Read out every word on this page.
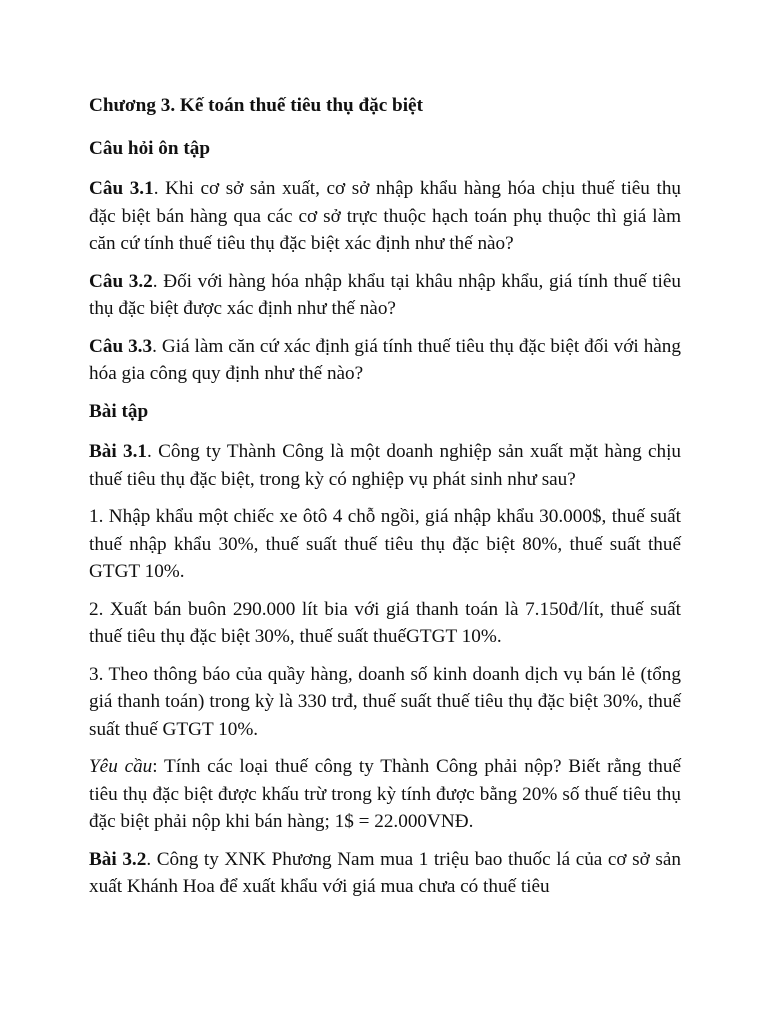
Chương 3. Kế toán thuế tiêu thụ đặc biệt

Câu hỏi ôn tập

Câu 3.1. Khi cơ sở sản xuất, cơ sở nhập khẩu hàng hóa chịu thuế tiêu thụ đặc biệt bán hàng qua các cơ sở trực thuộc hạch toán phụ thuộc thì giá làm căn cứ tính thuế tiêu thụ đặc biệt xác định như thế nào?

Câu 3.2. Đối với hàng hóa nhập khẩu tại khâu nhập khẩu, giá tính thuế tiêu thụ đặc biệt được xác định như thế nào?

Câu 3.3. Giá làm căn cứ xác định giá tính thuế tiêu thụ đặc biệt đối với hàng hóa gia công quy định như thế nào?

Bài tập

Bài 3.1. Công ty Thành Công là một doanh nghiệp sản xuất mặt hàng chịu thuế tiêu thụ đặc biệt, trong kỳ có nghiệp vụ phát sinh như sau?

1. Nhập khẩu một chiếc xe ôtô 4 chỗ ngồi, giá nhập khẩu 30.000$, thuế suất thuế nhập khẩu 30%, thuế suất thuế tiêu thụ đặc biệt 80%, thuế suất thuế GTGT 10%.

2. Xuất bán buôn 290.000 lít bia với giá thanh toán là 7.150đ/lít, thuế suất thuế tiêu thụ đặc biệt 30%, thuế suất thuếGTGT 10%.

3. Theo thông báo của quầy hàng, doanh số kinh doanh dịch vụ bán lẻ (tổng giá thanh toán) trong kỳ là 330 trđ, thuế suất thuế tiêu thụ đặc biệt 30%, thuế suất thuế GTGT 10%.

Yêu cầu: Tính các loại thuế công ty Thành Công phải nộp? Biết rằng thuế tiêu thụ đặc biệt được khấu trừ trong kỳ tính được bằng 20% số thuế tiêu thụ đặc biệt phải nộp khi bán hàng; 1$ = 22.000VNĐ.

Bài 3.2. Công ty XNK Phương Nam mua 1 triệu bao thuốc lá của cơ sở sản xuất Khánh Hoa để xuất khẩu với giá mua chưa có thuế tiêu
